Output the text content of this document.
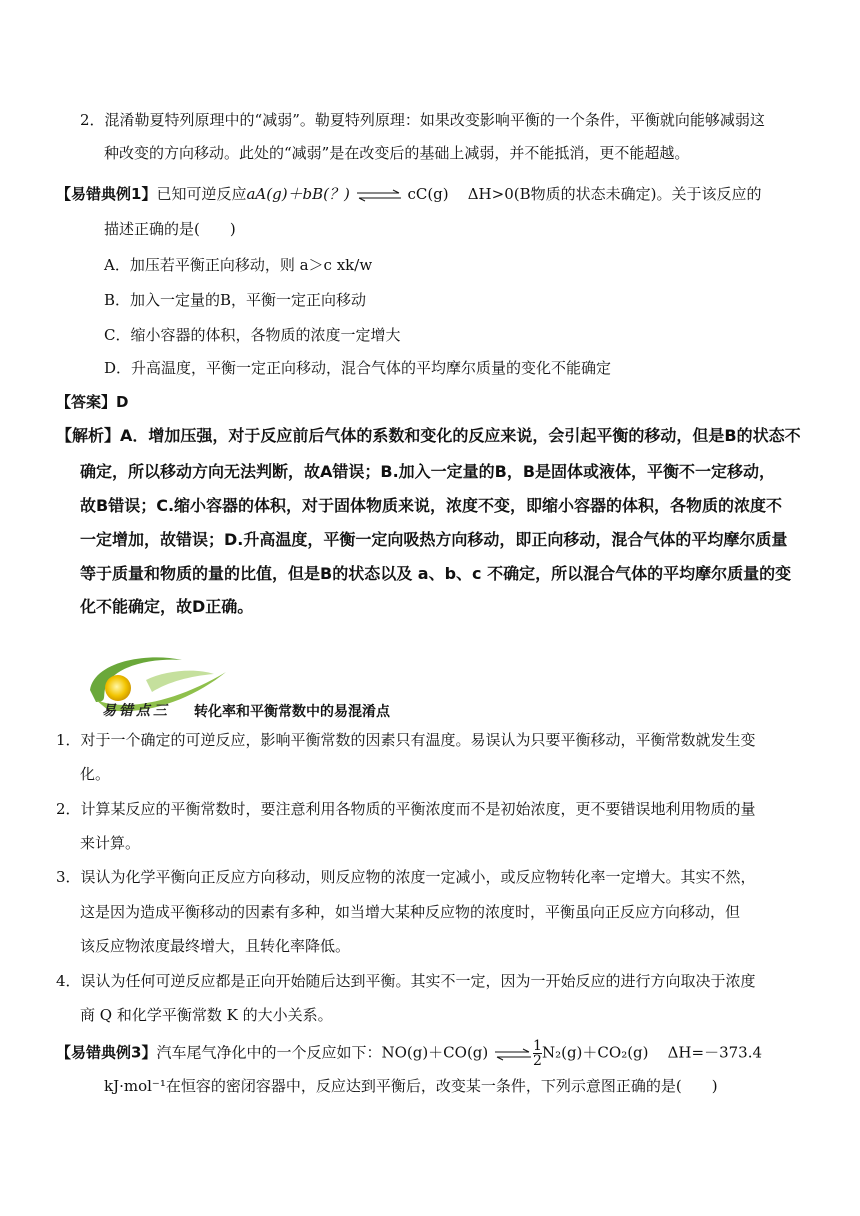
2．混淆勒夏特列原理中的“减弱”。勒夏特列原理：如果改变影响平衡的一个条件，平衡就向能够减弱这
种改变的方向移动。此处的“减弱”是在改变后的基础上减弱，并不能抵消，更不能超越。
【易错典例1】已知可逆反应aA(g)＋bB(？) ⇌ cC(g) ΔH>0(B物质的状态未确定)。关于该反应的
描述正确的是(　　)
A．加压若平衡正向移动，则 a＞c xk/w
B．加入一定量的B，平衡一定正向移动
C．缩小容器的体积，各物质的浓度一定增大
D．升高温度，平衡一定正向移动，混合气体的平均摩尔质量的变化不能确定
【答案】D
【解析】A．增加压强，对于反应前后气体的系数和变化的反应来说，会引起平衡的移动，但是B的状态不
确定，所以移动方向无法判断，故A错误；B.加入一定量的B，B是固体或液体，平衡不一定移动，
故B错误；C.缩小容器的体积，对于固体物质来说，浓度不变，即缩小容器的体积，各物质的浓度不
一定增加，故错误；D.升高温度，平衡一定向吸热方向移动，即正向移动，混合气体的平均摩尔质量
等于质量和物质的量的比值，但是B的状态以及 a、b、c 不确定，所以混合气体的平均摩尔质量的变
化不能确定，故D正确。
易错点三 转化率和平衡常数中的易混淆点
1．对于一个确定的可逆反应，影响平衡常数的因素只有温度。易误认为只要平衡移动，平衡常数就发生变
化。
2．计算某反应的平衡常数时，要注意利用各物质的平衡浓度而不是初始浓度，更不要错误地利用物质的量
来计算。
3．误认为化学平衡向正反应方向移动，则反应物的浓度一定减小，或反应物转化率一定增大。其实不然，
这是因为造成平衡移动的因素有多种，如当增大某种反应物的浓度时，平衡虽向正反应方向移动，但
该反应物浓度最终增大，且转化率降低。
4．误认为任何可逆反应都是正向开始随后达到平衡。其实不一定，因为一开始反应的进行方向取决于浓度
商 Q 和化学平衡常数 K 的大小关系。
【易错典例3】汽车尾气净化中的一个反应如下：NO(g)＋CO(g) ⇌ $\frac{1}{2} N_2(g)+CO_2(g)$ ΔH=－373.4
kJ·mol⁻¹在恒容的密闭容器中，反应达到平衡后，改变某一条件，下列示意图正确的是(　　)
